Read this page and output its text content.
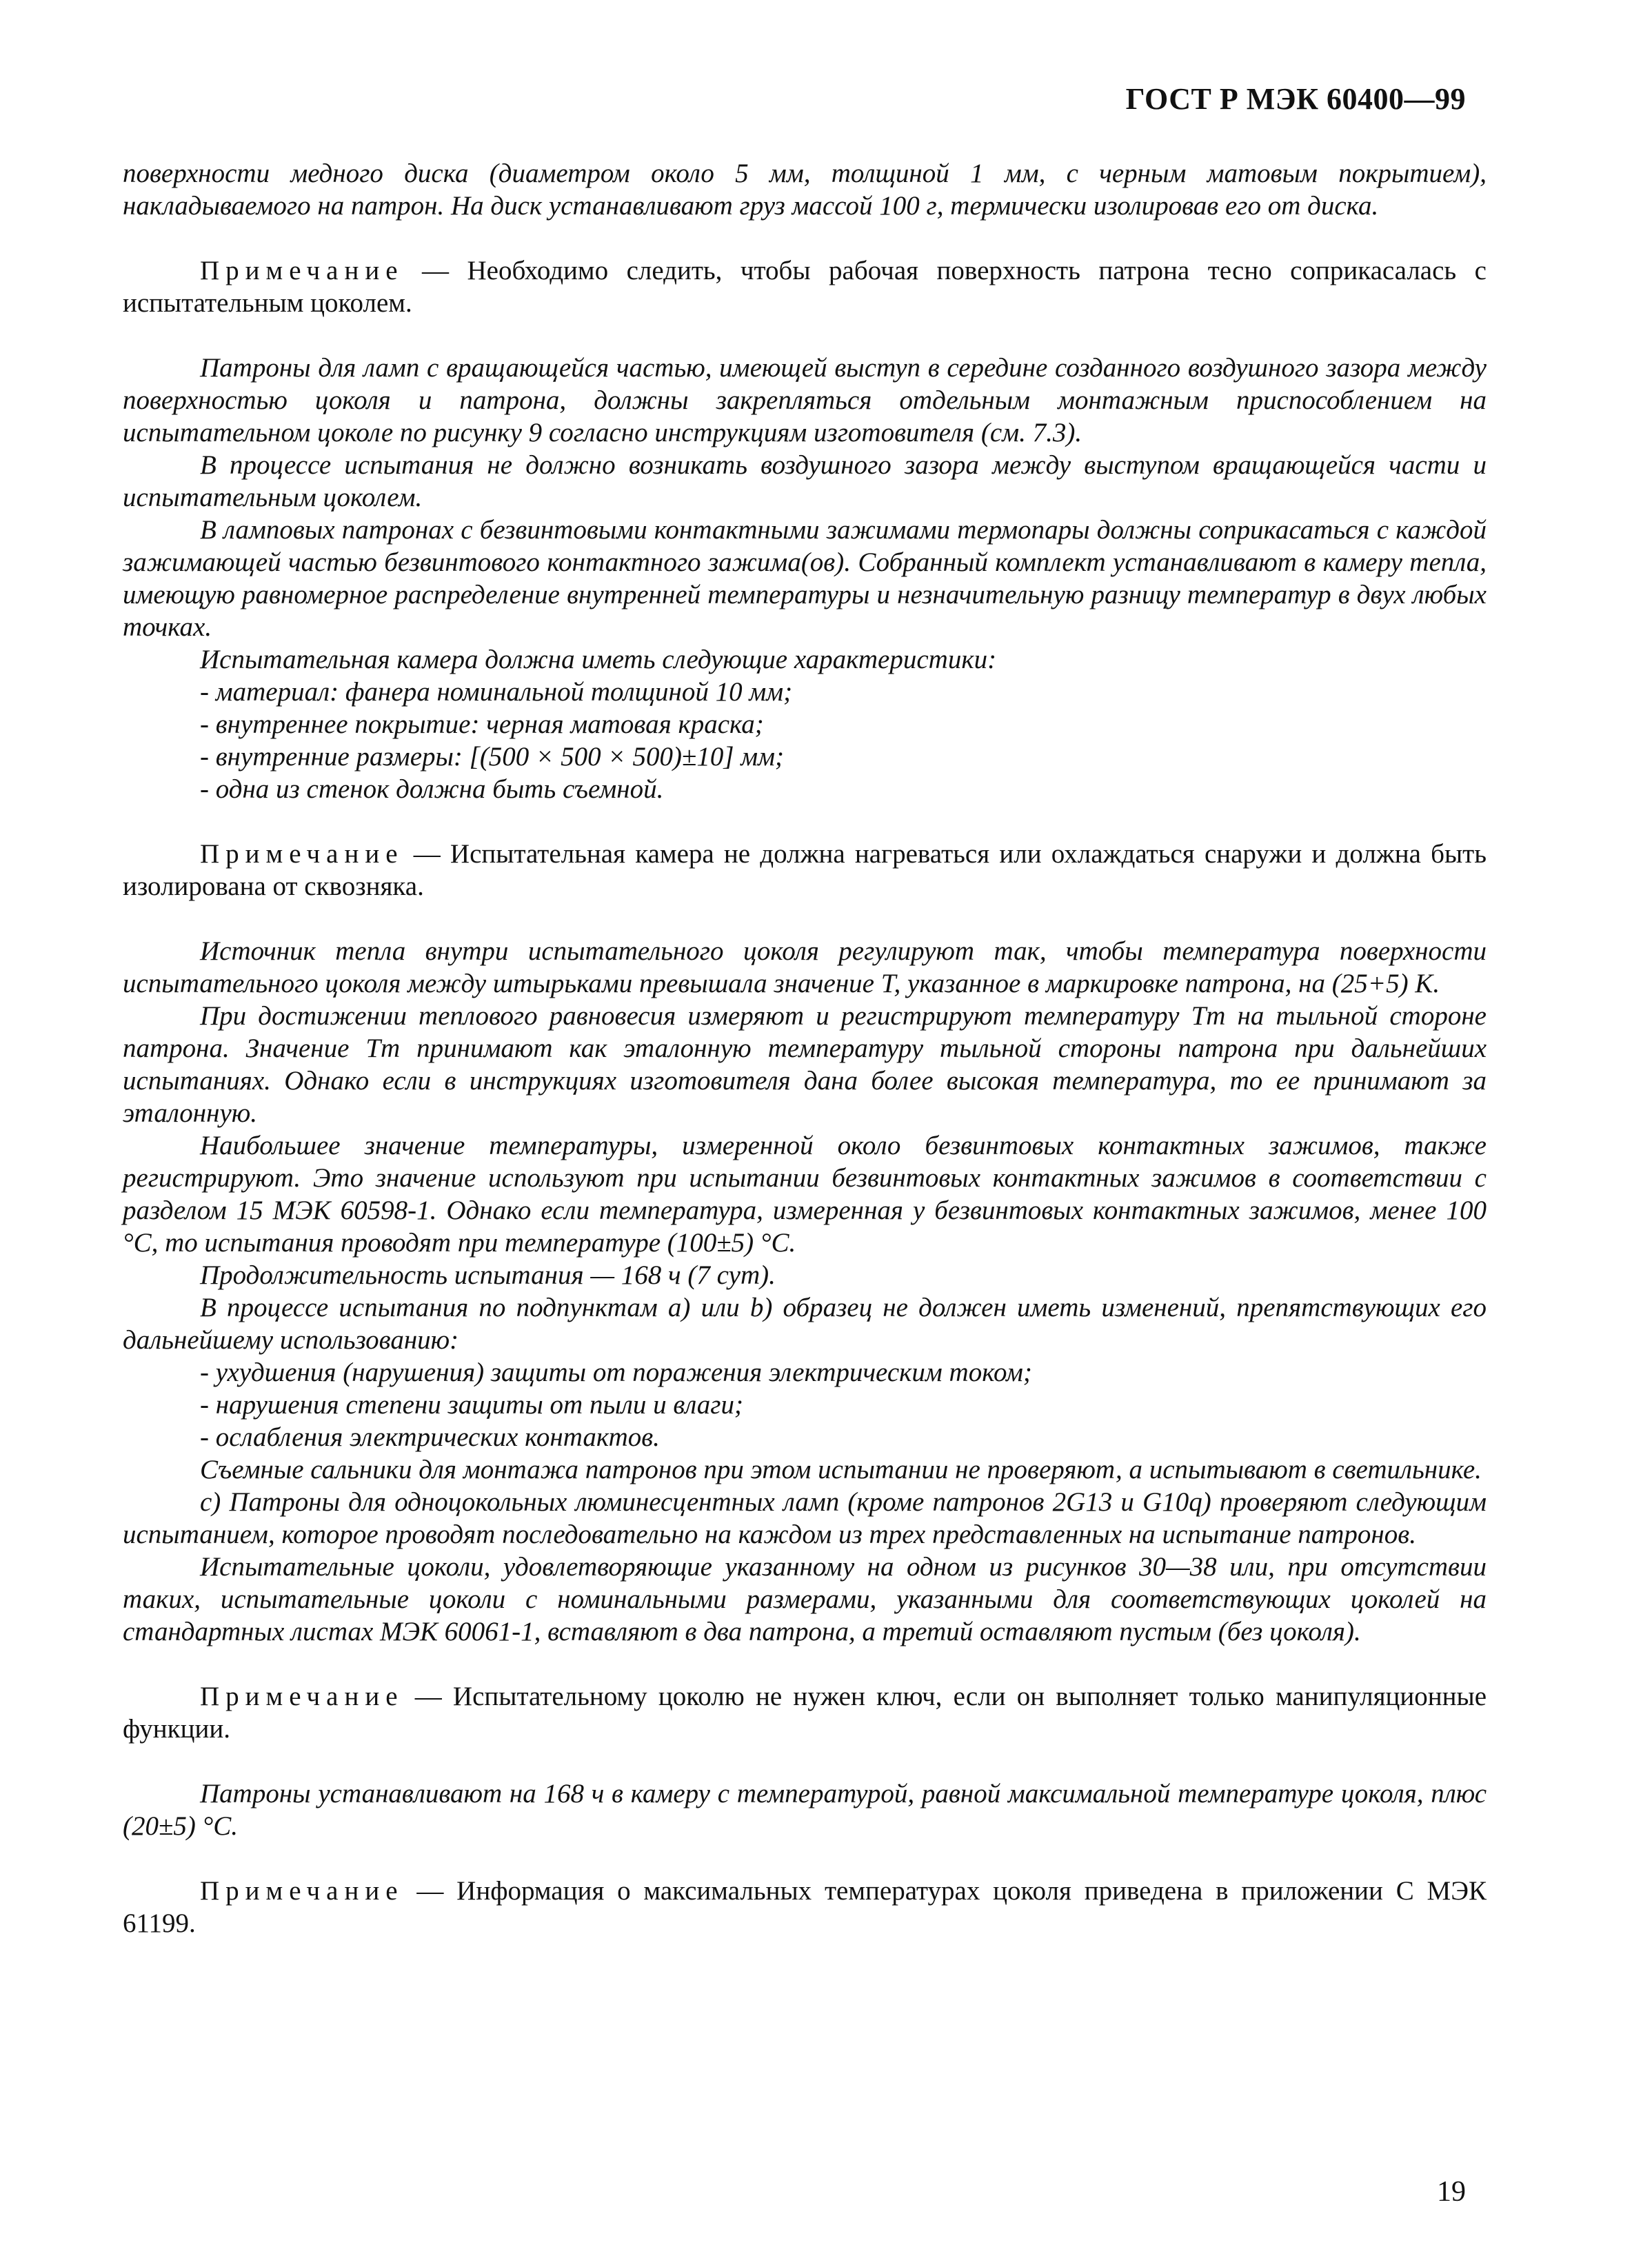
ГОСТ Р МЭК 60400—99

поверхности медного диска (диаметром около 5 мм, толщиной 1 мм, с черным матовым покрытием), накладываемого на патрон. На диск устанавливают груз массой 100 г, термически изолировав его от диска.

Примечание — Необходимо следить, чтобы рабочая поверхность патрона тесно соприкасалась с испытательным цоколем.

Патроны для ламп с вращающейся частью, имеющей выступ в середине созданного воздушного зазора между поверхностью цоколя и патрона, должны закрепляться отдельным монтажным приспособлением на испытательном цоколе по рисунку 9 согласно инструкциям изготовителя (см. 7.3).

В процессе испытания не должно возникать воздушного зазора между выступом вращающейся части и испытательным цоколем.

В ламповых патронах с безвинтовыми контактными зажимами термопары должны соприкасаться с каждой зажимающей частью безвинтового контактного зажима(ов). Собранный комплект устанавливают в камеру тепла, имеющую равномерное распределение внутренней температуры и незначительную разницу температур в двух любых точках.

Испытательная камера должна иметь следующие характеристики:

- материал: фанера номинальной толщиной 10 мм;

- внутреннее покрытие: черная матовая краска;

- внутренние размеры: [(500 × 500 × 500)±10] мм;

- одна из стенок должна быть съемной.

Примечание — Испытательная камера не должна нагреваться или охлаждаться снаружи и должна быть изолирована от сквозняка.

Источник тепла внутри испытательного цоколя регулируют так, чтобы температура поверхности испытательного цоколя между штырьками превышала значение T, указанное в маркировке патрона, на (25+5) K.

При достижении теплового равновесия измеряют и регистрируют температуру Tm на тыльной стороне патрона. Значение Tm принимают как эталонную температуру тыльной стороны патрона при дальнейших испытаниях. Однако если в инструкциях изготовителя дана более высокая температура, то ее принимают за эталонную.

Наибольшее значение температуры, измеренной около безвинтовых контактных зажимов, также регистрируют. Это значение используют при испытании безвинтовых контактных зажимов в соответствии с разделом 15 МЭК 60598-1. Однако если температура, измеренная у безвинтовых контактных зажимов, менее 100 °C, то испытания проводят при температуре (100±5) °C.

Продолжительность испытания — 168 ч (7 сут).

В процессе испытания по подпунктам a) или b) образец не должен иметь изменений, препятствующих его дальнейшему использованию:

- ухудшения (нарушения) защиты от поражения электрическим током;

- нарушения степени защиты от пыли и влаги;

- ослабления электрических контактов.

Съемные сальники для монтажа патронов при этом испытании не проверяют, а испытывают в светильнике.

c) Патроны для одноцокольных люминесцентных ламп (кроме патронов 2G13 и G10q) проверяют следующим испытанием, которое проводят последовательно на каждом из трех представленных на испытание патронов.

Испытательные цоколи, удовлетворяющие указанному на одном из рисунков 30—38 или, при отсутствии таких, испытательные цоколи с номинальными размерами, указанными для соответствующих цоколей на стандартных листах МЭК 60061-1, вставляют в два патрона, а третий оставляют пустым (без цоколя).

Примечание — Испытательному цоколю не нужен ключ, если он выполняет только манипуляционные функции.

Патроны устанавливают на 168 ч в камеру с температурой, равной максимальной температуре цоколя, плюс (20±5) °C.

Примечание — Информация о максимальных температурах цоколя приведена в приложении С МЭК 61199.

19
